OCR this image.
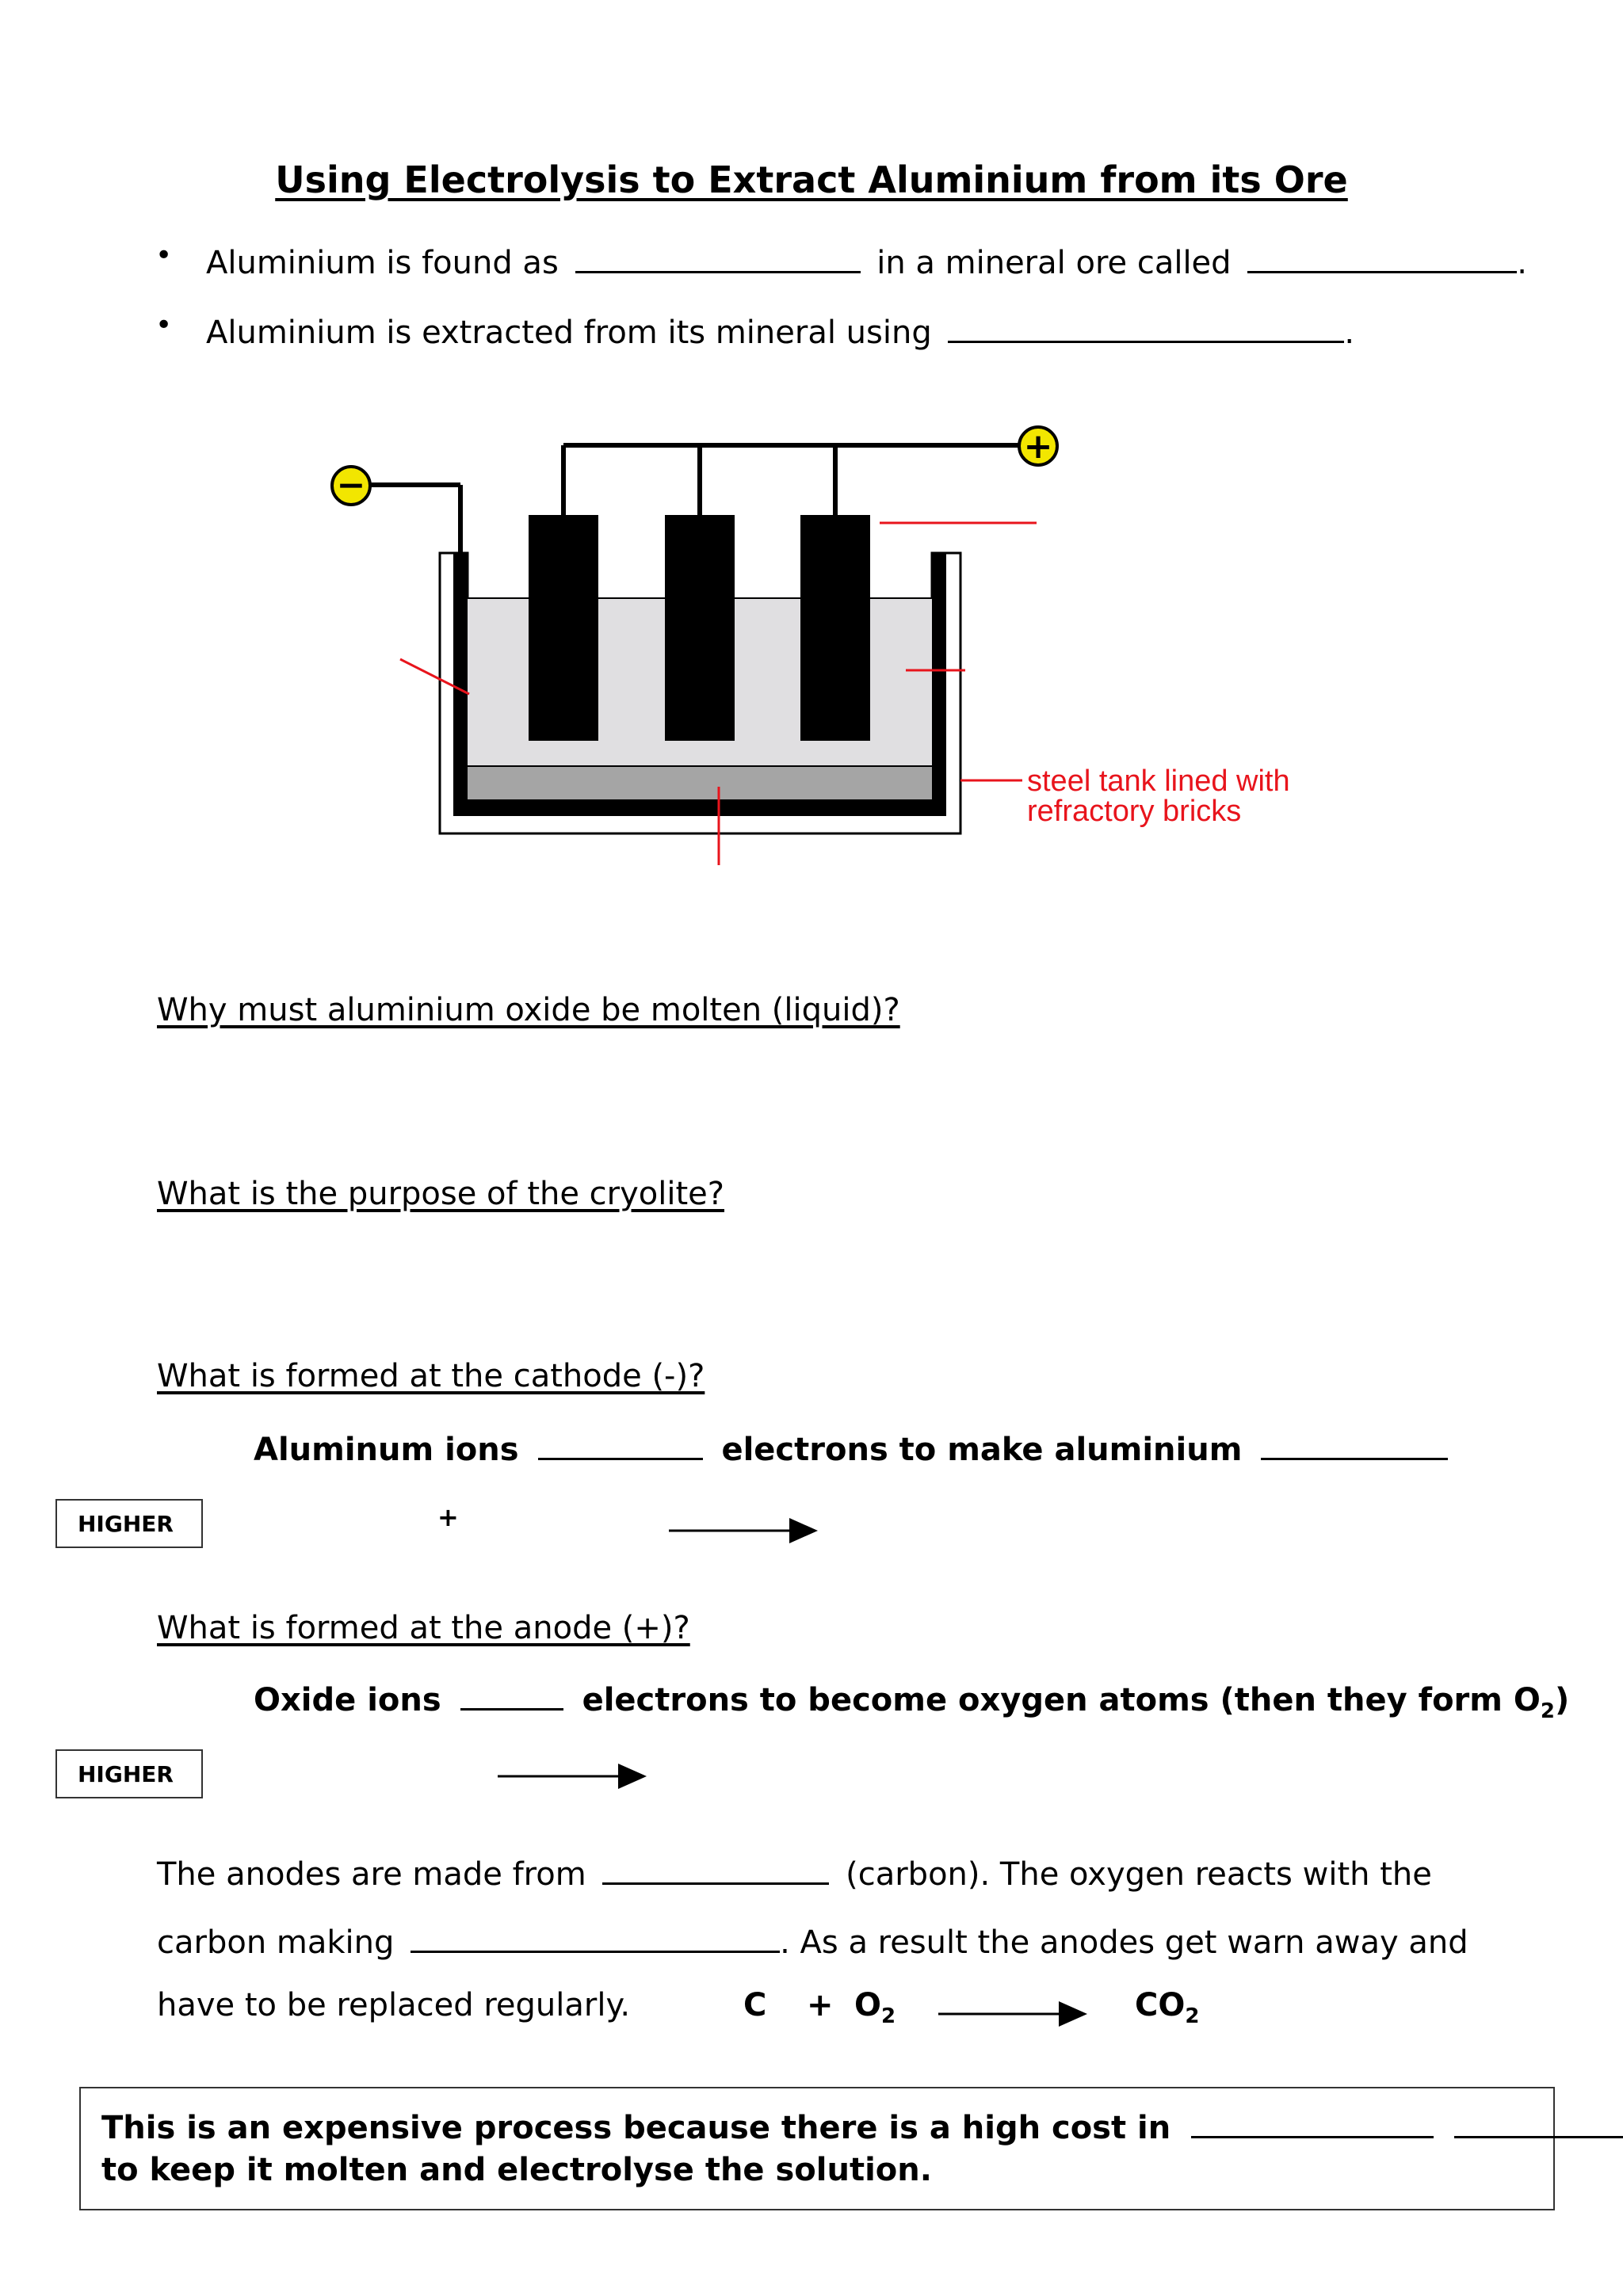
Using Electrolysis to Extract Aluminium from its Ore
• Aluminium is found as	in a mineral ore called	.
• Aluminium is extracted from its mineral using	.
−
+
steel tank lined with
refractory bricks
Why must aluminium oxide be molten (liquid)?
What is the purpose of the cryolite?
What is formed at the cathode (-)?
Aluminum ions	electrons to make aluminium
HIGHER	+
What is formed at the anode (+)?
Oxide ions	electrons to become oxygen atoms (then they form $O_2$)
HIGHER
The anodes are made from	(carbon). The oxygen reacts with the
carbon making	. As a result the anodes get warn away and
have to be replaced regularly.	$C + O_2$	$CO_2$
This is an expensive process because there is a high cost in
to keep it molten and electrolyse the solution.
